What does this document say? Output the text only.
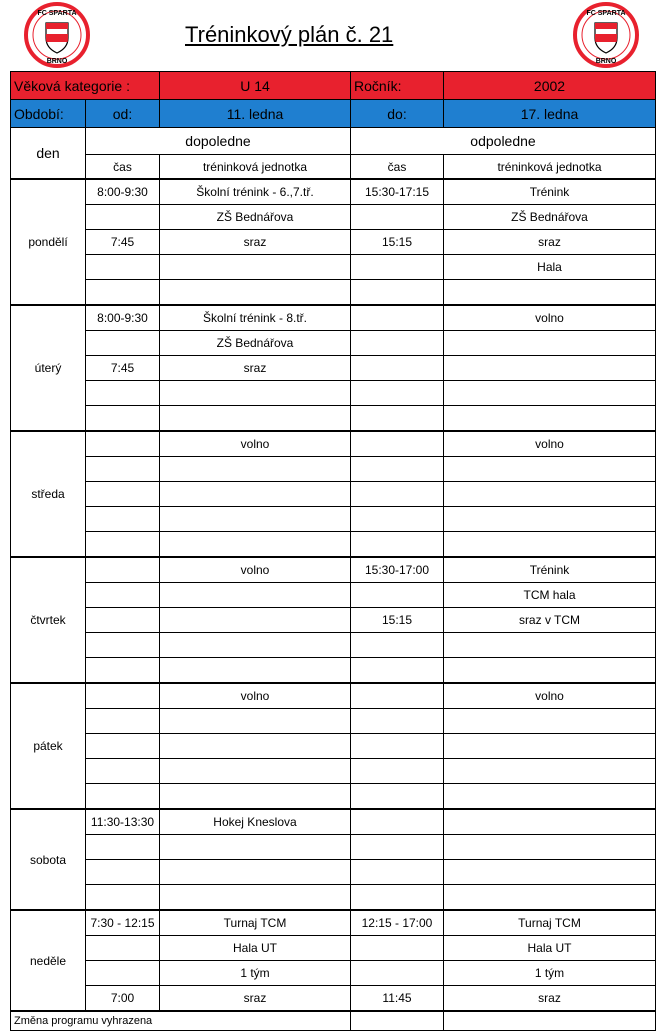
FC SPARTA
BRNO
FC SPARTA
BRNO
Tréninkový plán č. 21
Věková kategorie :		U 14	Ročník:	2002
Období:	od:	11. ledna	do:	17. ledna
den	dopoledne		odpoledne	
	čas	tréninková jednotka	čas	tréninková jednotka
pondělí	8:00-9:30	Školní trénink - 6.,7.tř.	15:30-17:15	Trénink
		ZŠ Bednářova		ZŠ Bednářova
	7:45	sraz	15:15	sraz
				Hala

úterý	8:00-9:30	Školní trénink - 8.tř.		volno
		ZŠ Bednářova		
	7:45	sraz		

středa		volno		volno

čtvrtek		volno	15:30-17:00	Trénink
				TCM hala
			15:15	sraz v TCM

pátek		volno		volno

sobota	11:30-13:30	Hokej Kneslova		

neděle	7:30 - 12:15	Turnaj TCM	12:15 - 17:00	Turnaj TCM
		Hala UT		Hala UT
		1 tým		1 tým
	7:00	sraz	11:45	sraz
Změna programu vyhrazena				
